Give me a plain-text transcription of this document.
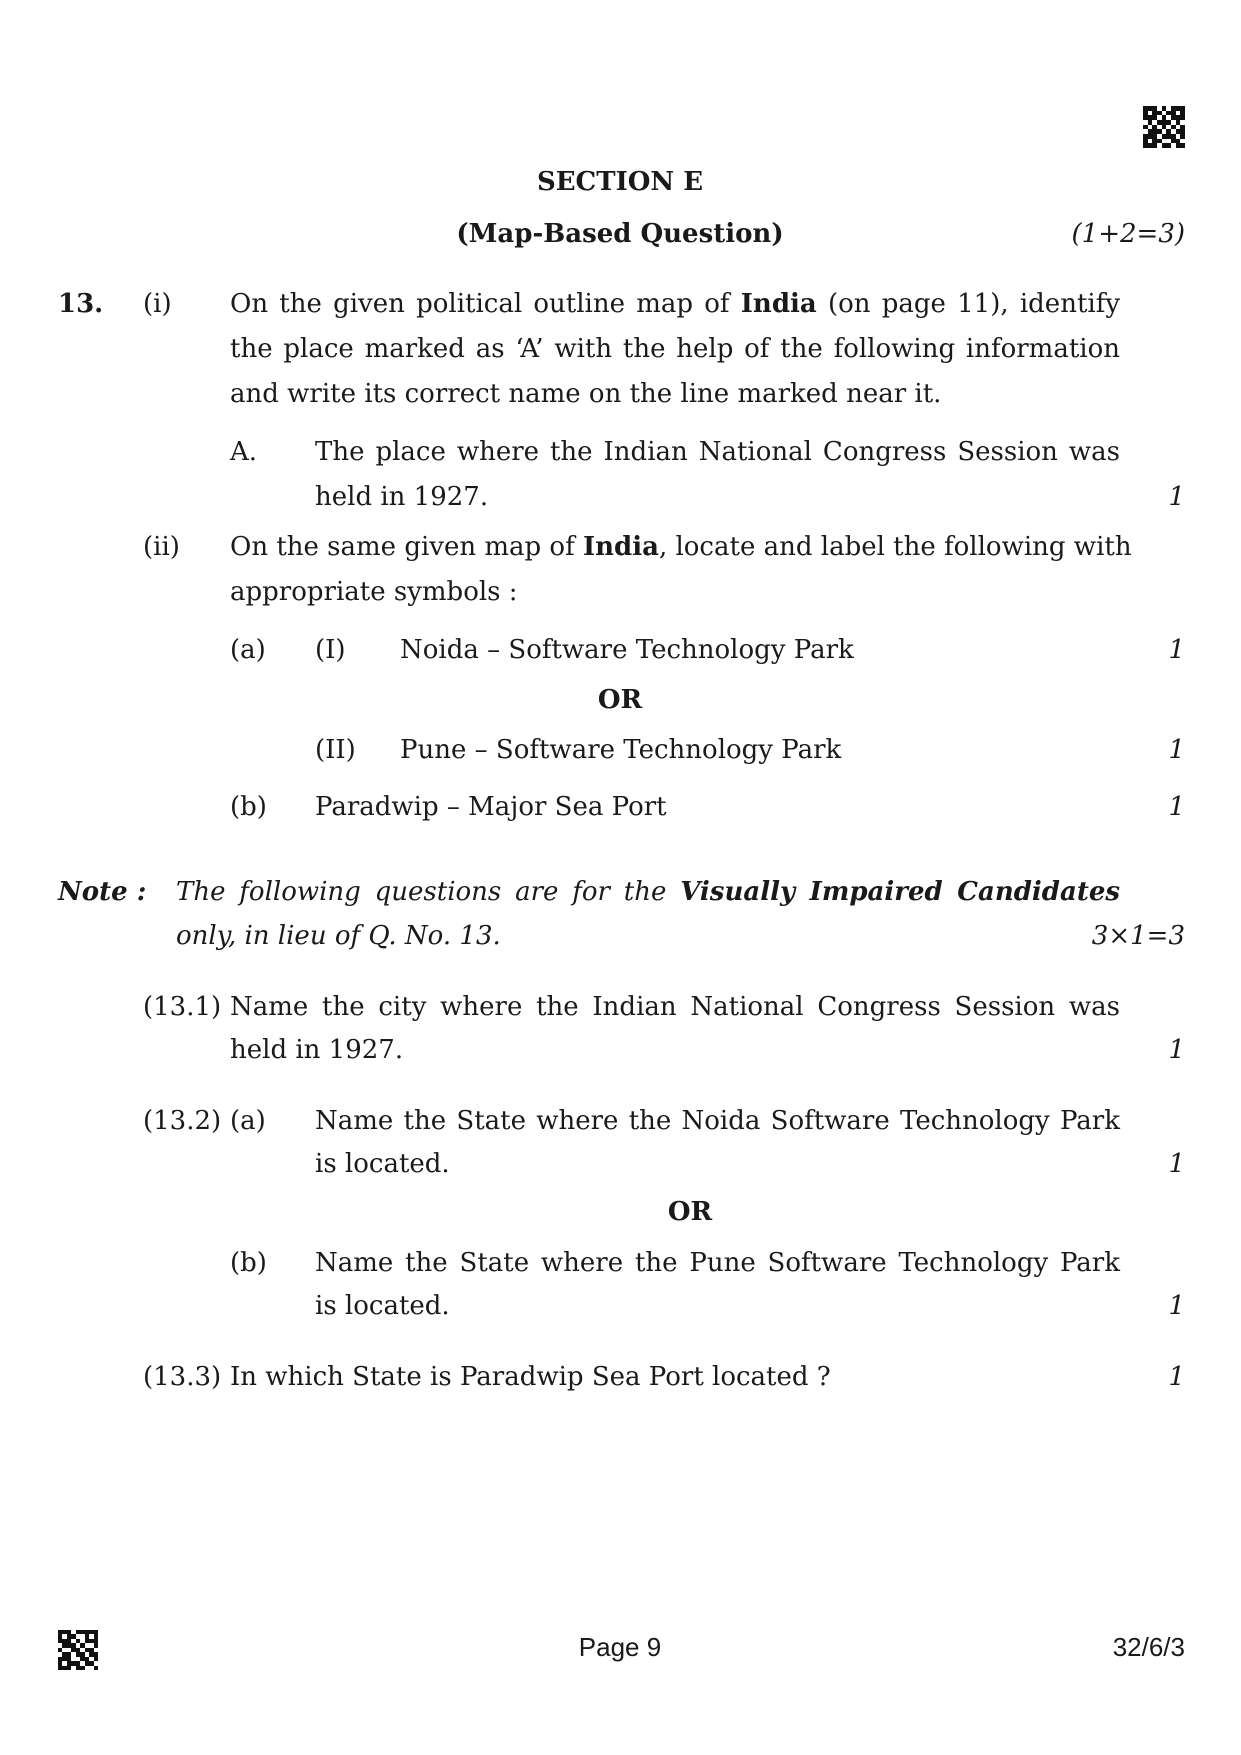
SECTION E
(Map-Based Question)	(1+2=3)
13. (i) On the given political outline map of India (on page 11), identify
the place marked as ‘A’ with the help of the following information
and write its correct name on the line marked near it.
A. The place where the Indian National Congress Session was
held in 1927.	1
(ii) On the same given map of India, locate and label the following with
appropriate symbols :
(a) (I) Noida – Software Technology Park	1
OR
(II) Pune – Software Technology Park	1
(b) Paradwip – Major Sea Port	1
Note : The following questions are for the Visually Impaired Candidates
only, in lieu of Q. No. 13.	3×1=3
(13.1) Name the city where the Indian National Congress Session was
held in 1927.	1
(13.2) (a) Name the State where the Noida Software Technology Park
is located.	1
OR
(b) Name the State where the Pune Software Technology Park
is located.	1
(13.3) In which State is Paradwip Sea Port located ?	1
Page 9	32/6/3
